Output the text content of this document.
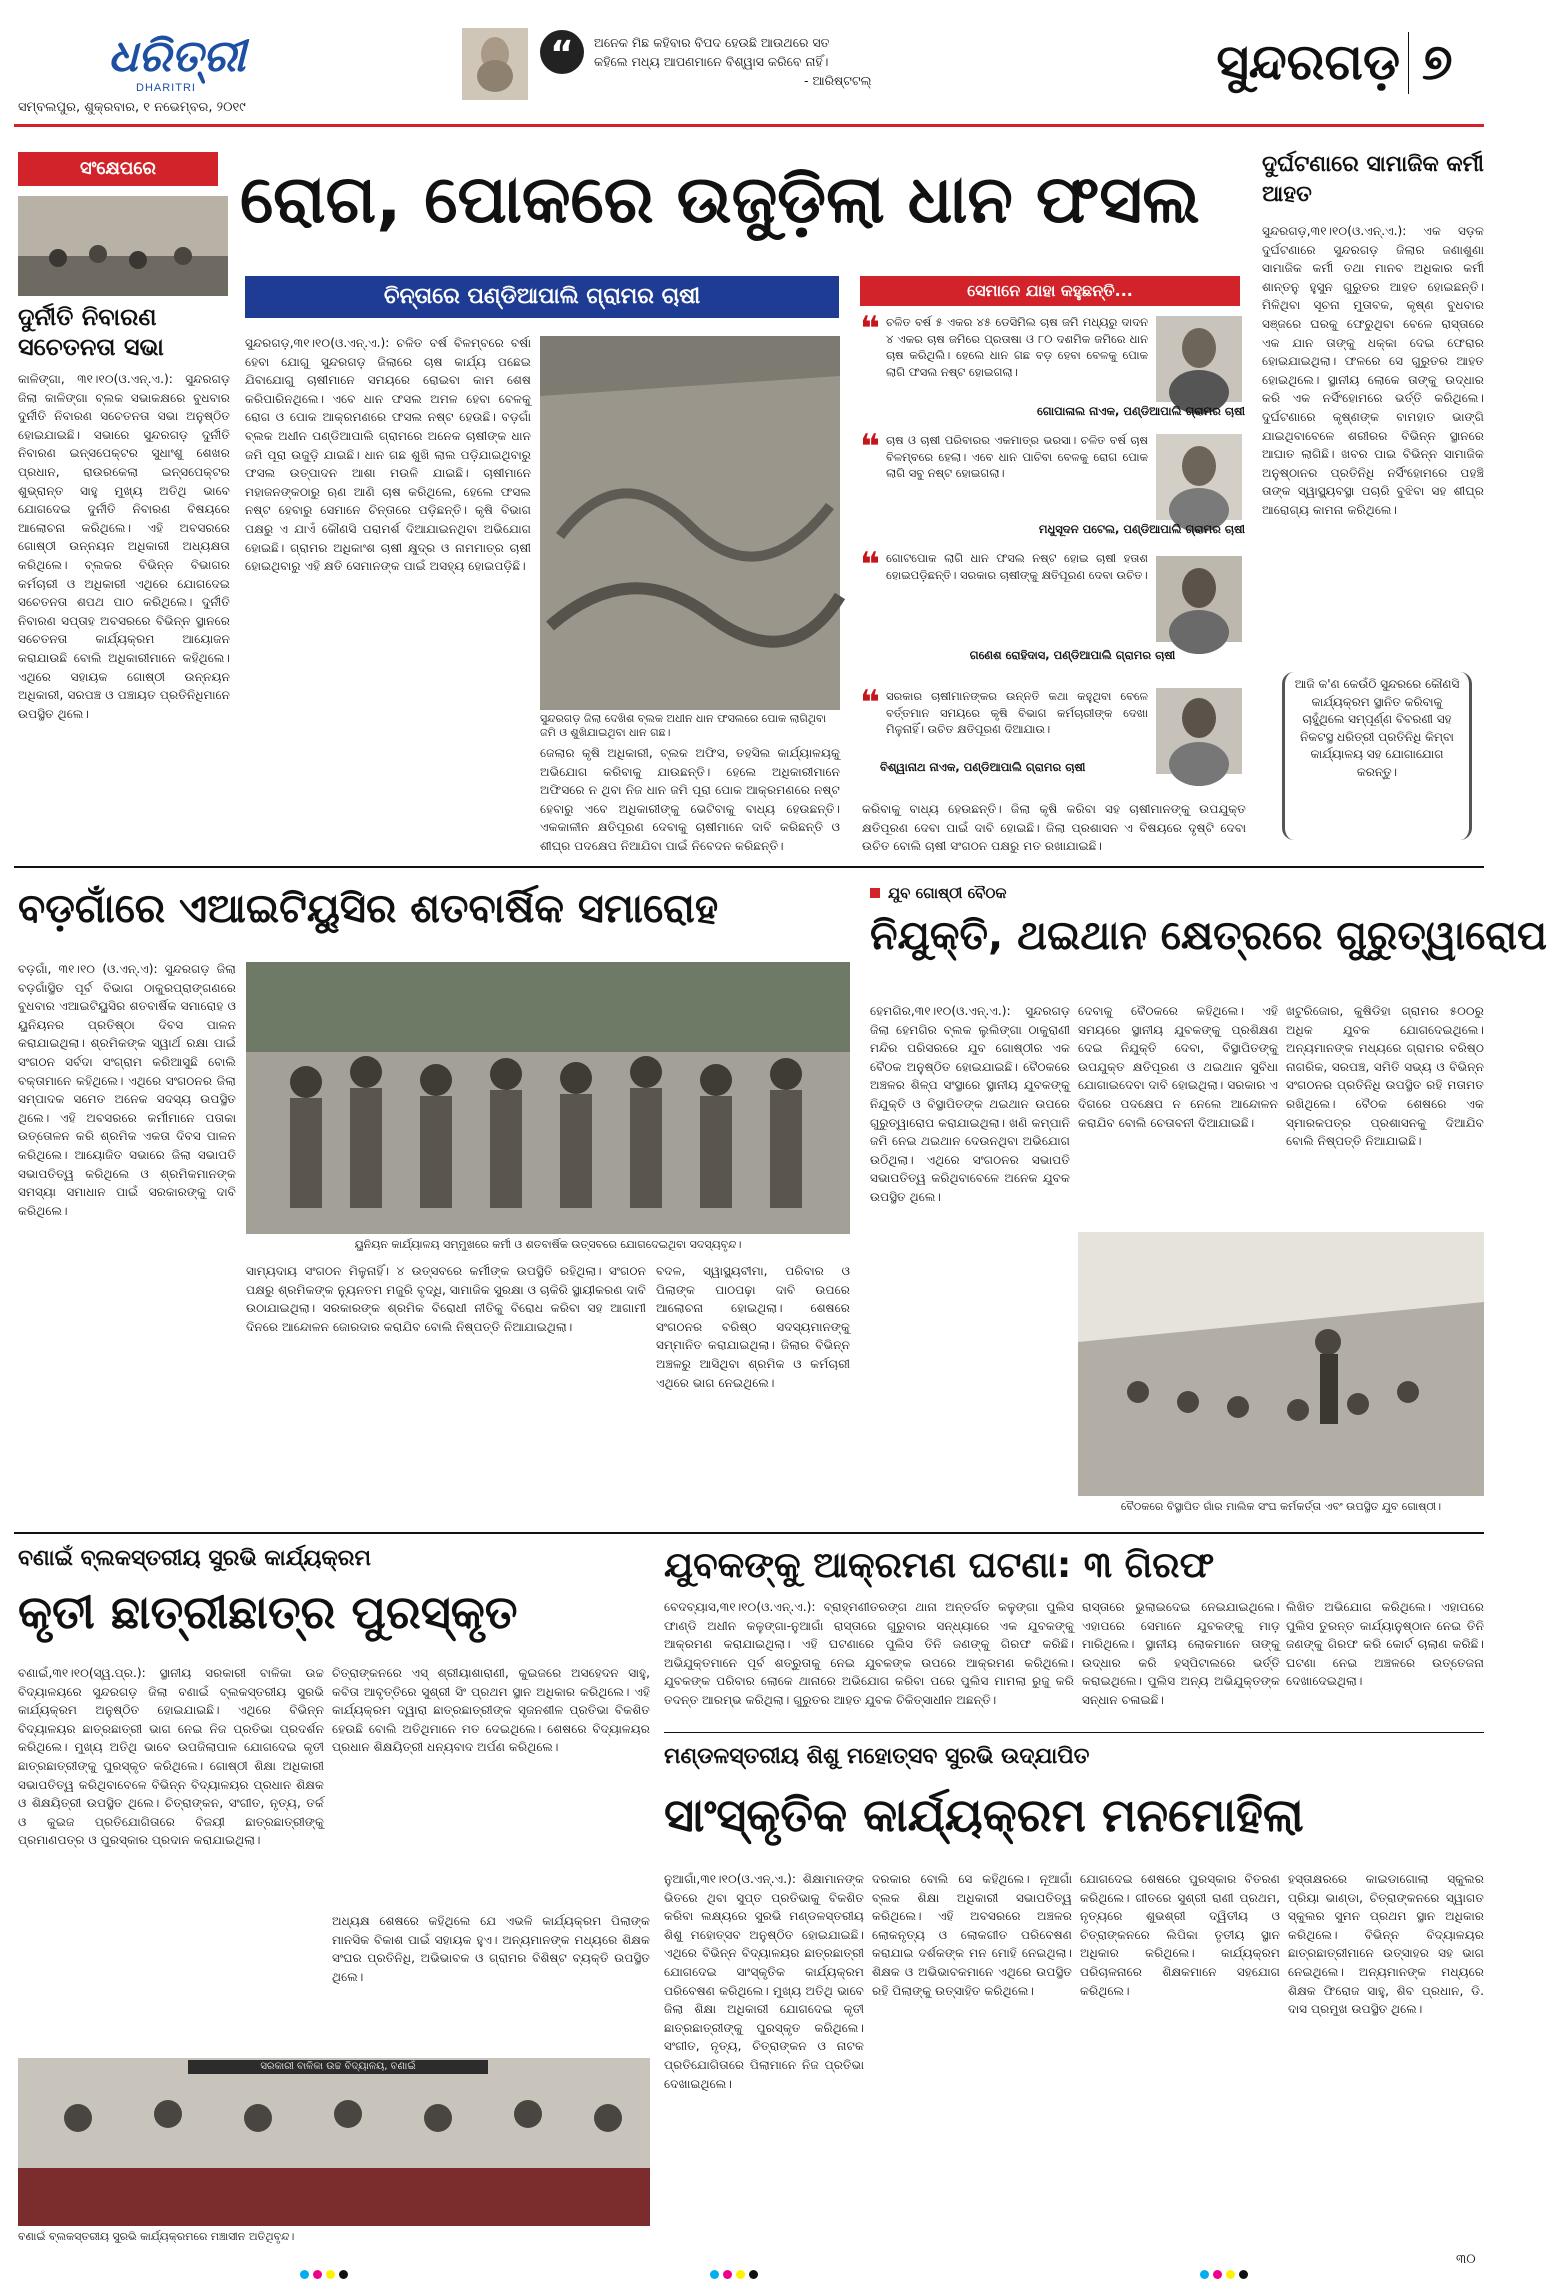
ଧରିତ୍ରୀ
DHARITRI
ସମ୍ବଲପୁର, ଶୁକ୍ରବାର, ୧ ନଭେମ୍ବର, ୨୦୧୯
“	ଅନେକ ମିଛ କହିବାର ବିପଦ ହେଉଛି ଆଉଥରେ ସତ
କହିଲେ ମଧ୍ୟ ଆପଣମାନେ ବିଶ୍ୱାସ କରିବେ ନାହିଁ।
- ଆରିଷ୍ଟଟଲ୍	ସୁନ୍ଦରଗଡ଼ ୭
ସଂକ୍ଷେପରେ
ଦୁର୍ନୀତି ନିବାରଣ ସଚେତନତା ସଭା
କାଳିଙ୍ଗା, ୩୧।୧୦(ଓ.ଏନ୍.ଏ.): ସୁନ୍ଦରଗଡ଼ ଜିଲା କାଳିଙ୍ଗା ବ୍ଲକ ସଭାକକ୍ଷରେ ବୁଧବାର ଦୁର୍ନୀତି ନିବାରଣ ସଚେତନତା ସଭା ଅନୁଷ୍ଠିତ ହୋଇଯାଇଛି। ସଭାରେ ସୁନ୍ଦରଗଡ଼ ଦୁର୍ନୀତି ନିବାରଣ ଇନ୍ସପେକ୍ଟର ସୁଧାଂଶୁ ଶେଖର ପ୍ରଧାନ, ରାଉରକେଲା ଇନ୍ସପେକ୍ଟର ଶୁଭ୍ରାନ୍ତ ସାହୁ ମୁଖ୍ୟ ଅତିଥି ଭାବେ ଯୋଗଦେଇ ଦୁର୍ନୀତି ନିବାରଣ ବିଷୟରେ ଆଲୋଚନା କରିଥିଲେ। ଏହି ଅବସରରେ ଗୋଷ୍ଠୀ ଉନ୍ନୟନ ଅଧିକାରୀ ଅଧ୍ୟକ୍ଷତା କରିଥିଲେ। ବ୍ଲକର ବିଭିନ୍ନ ବିଭାଗର କର୍ମଚାରୀ ଓ ଅଧିକାରୀ ଏଥିରେ ଯୋଗଦେଇ ସଚେତନତା ଶପଥ ପାଠ କରିଥିଲେ। ଦୁର୍ନୀତି ନିବାରଣ ସପ୍ତାହ ଅବସରରେ ବିଭିନ୍ନ ସ୍ଥାନରେ ସଚେତନତା କାର୍ଯ୍ୟକ୍ରମ ଆୟୋଜନ କରାଯାଉଛି ବୋଲି ଅଧିକାରୀମାନେ କହିଥିଲେ। ଏଥିରେ ସହାୟକ ଗୋଷ୍ଠୀ ଉନ୍ନୟନ ଅଧିକାରୀ, ସରପଞ୍ଚ ଓ ପଞ୍ଚାୟତ ପ୍ରତିନିଧିମାନେ ଉପସ୍ଥିତ ଥିଲେ।
ରୋଗ, ପୋକରେ ଉଜୁଡ଼ିଲା ଧାନ ଫସଲ
ଚିନ୍ତାରେ ପଣ୍ଡିଆପାଲି ଗ୍ରାମର ଚାଷୀ
ସୁନ୍ଦରଗଡ଼,୩୧।୧୦(ଓ.ଏନ୍.ଏ.): ଚଳିତ ବର୍ଷ ବିଳମ୍ବରେ ବର୍ଷା ହେବା ଯୋଗୁ ସୁନ୍ଦରଗଡ଼ ଜିଲାରେ ଚାଷ କାର୍ଯ୍ୟ ପଛେଇ ଯିବାଯୋଗୁ ଚାଷୀମାନେ ସମୟରେ ରୋଇବା କାମ ଶେଷ କରିପାରିନଥିଲେ। ଏବେ ଧାନ ଫସଲ ଅମଳ ହେବା ବେଳକୁ ରୋଗ ଓ ପୋକ ଆକ୍ରମଣରେ ଫସଲ ନଷ୍ଟ ହେଉଛି। ବଡ଼ଗାଁ ବ୍ଲକ ଅଧୀନ ପଣ୍ଡିଆପାଲି ଗ୍ରାମରେ ଅନେକ ଚାଷୀଙ୍କ ଧାନ ଜମି ପୂରା ଉଜୁଡ଼ି ଯାଇଛି। ଧାନ ଗଛ ଶୁଖି ଲାଲ ପଡ଼ିଯାଇଥିବାରୁ ଫସଲ ଉତ୍ପାଦନ ଆଶା ମଉଳି ଯାଇଛି। ଚାଷୀମାନେ ମହାଜନଙ୍କଠାରୁ ଋଣ ଆଣି ଚାଷ କରିଥିଲେ, ହେଲେ ଫସଲ ନଷ୍ଟ ହେବାରୁ ସେମାନେ ଚିନ୍ତାରେ ପଡ଼ିଛନ୍ତି। କୃଷି ବିଭାଗ ପକ୍ଷରୁ ଏ ଯାଏଁ କୌଣସି ପରାମର୍ଶ ଦିଆଯାଇନଥିବା ଅଭିଯୋଗ ହୋଇଛି। ଗ୍ରାମର ଅଧିକାଂଶ ଚାଷୀ କ୍ଷୁଦ୍ର ଓ ନାମମାତ୍ର ଚାଷୀ ହୋଇଥିବାରୁ ଏହି କ୍ଷତି ସେମାନଙ୍କ ପାଇଁ ଅସହ୍ୟ ହୋଇପଡ଼ିଛି।
ସୁନ୍ଦରଗଡ଼ ଜିଲା ଦେଖିଶ ବ୍ଲକ ଅଧୀନ ଧାନ ଫସଲରେ ପୋକ ଲାଗିଥିବା ଜମି ଓ ଶୁଖିଯାଇଥିବା ଧାନ ଗଛ।
ଜେଲାର କୃଷି ଅଧିକାରୀ, ବ୍ଲକ ଅଫିସ, ତହସିଲ କାର୍ଯ୍ୟାଳୟକୁ ଅଭିଯୋଗ କରିବାକୁ ଯାଉଛନ୍ତି। ହେଲେ ଅଧିକାରୀମାନେ ଅଫିସରେ ନ ଥିବା ନିଜ ଧାନ ଜମି ପୂରା ପୋକ ଆକ୍ରମଣରେ ନଷ୍ଟ ହେବାରୁ ଏବେ ଅଧିକାରୀଙ୍କୁ ଭେଟିବାକୁ ବାଧ୍ୟ ହେଉଛନ୍ତି। ଏକକାଳୀନ କ୍ଷତିପୂରଣ ଦେବାକୁ ଚାଷୀମାନେ ଦାବି କରିଛନ୍ତି ଓ ଶୀଘ୍ର ପଦକ୍ଷେପ ନିଆଯିବା ପାଇଁ ନିବେଦନ କରିଛନ୍ତି।
ସେମାନେ ଯାହା କହୁଛନ୍ତି...
❝ ଚଳିତ ବର୍ଷ ୫ ଏକର ୪୫ ଡେସିମିଲ ଚାଷ ଜମି ମଧ୍ୟରୁ ଦାଦନ ୪ ଏକର ଚାଷ ଜମିରେ ପ୍ରତାଷା ଓ ୮୦ ଦଶମିକ ଜମିରେ ଧାନ ଚାଷ କରିଥିଲି। ହେଲେ ଧାନ ଗଛ ବଡ଼ ହେବା ବେଳକୁ ପୋକ ଲାଗି ଫସଲ ନଷ୍ଟ ହୋଇଗଲା।
ଗୋପାଳାଲ ନାଏକ, ପଣ୍ଡିଆପାଲି ଗ୍ରାମର ଚାଷୀ
❝ ଚାଷ ଓ ଚାଷୀ ପରିବାରର ଏକମାତ୍ର ଭରସା। ଚଳିତ ବର୍ଷ ଚାଷ ବିଳମ୍ବରେ ହେଲା। ଏବେ ଧାନ ପାଚିବା ବେଳକୁ ରୋଗ ପୋକ ଲାଗି ସବୁ ନଷ୍ଟ ହୋଇଗଲା।
ମଧୁସୂଦନ ପଟେଲ, ପଣ୍ଡିଆପାଲି ଗ୍ରାମର ଚାଷୀ
❝ ଗୋଟପୋକ ଲାଗି ଧାନ ଫସଲ ନଷ୍ଟ ହୋଇ ଚାଷୀ ହତାଶ ହୋଇପଡ଼ିଛନ୍ତି। ସରକାର ଚାଷୀଙ୍କୁ କ୍ଷତିପୂରଣ ଦେବା ଉଚିତ।
ଗଣେଶ ରୋହିଦାସ, ପଣ୍ଡିଆପାଲି ଗ୍ରାମର ଚାଷୀ
❝ ସରକାର ଚାଷୀମାନଙ୍କର ଉନ୍ନତି କଥା କହୁଥିବା ବେଳେ ବର୍ତ୍ତମାନ ସମୟରେ କୃଷି ବିଭାଗ କର୍ମଚାରୀଙ୍କ ଦେଖା ମିଳୁନାହିଁ। ଉଚିତ କ୍ଷତିପୂରଣ ଦିଆଯାଉ।
ବିଶ୍ୱାନାଥ ନାଏକ, ପଣ୍ଡିଆପାଲି ଗ୍ରାମର ଚାଷୀ
କରିବାକୁ ବାଧ୍ୟ ହେଉଛନ୍ତି। ଜିଲା କୃଷି କରିବା ସହ ଚାଷୀମାନଙ୍କୁ ଉପଯୁକ୍ତ କ୍ଷତିପୂରଣ ଦେବା ପାଇଁ ଦାବି ହୋଇଛି। ଜିଲା ପ୍ରଶାସନ ଏ ବିଷୟରେ ଦୃଷ୍ଟି ଦେବା ଉଚିତ ବୋଲି ଚାଷୀ ସଂଗଠନ ପକ୍ଷରୁ ମତ ରଖାଯାଇଛି।
ଦୁର୍ଘଟଣାରେ ସାମାଜିକ କର୍ମୀ ଆହତ
ସୁନ୍ଦରଗଡ଼,୩୧।୧୦(ଓ.ଏନ୍.ଏ.): ଏକ ସଡ଼କ ଦୁର୍ଘଟଣାରେ ସୁନ୍ଦରଗଡ଼ ଜିଲାର ଜଣାଶୁଣା ସାମାଜିକ କର୍ମୀ ତଥା ମାନବ ଅଧିକାର କର୍ମୀ ଶାନ୍ତନୁ ହୁସୁନ ଗୁରୁତର ଆହତ ହୋଇଛନ୍ତି। ମିଳିଥିବା ସୂଚନା ମୁତାବକ, କୃଷ୍ଣ ବୁଧବାର ସଞ୍ଜରେ ଘରକୁ ଫେରୁଥିବା ବେଳେ ରାସ୍ତାରେ ଏକ ଯାନ ତାଙ୍କୁ ଧକ୍କା ଦେଇ ଫେରାର ହୋଇଯାଇଥିଲା। ଫଳରେ ସେ ଗୁରୁତର ଆହତ ହୋଇଥିଲେ। ସ୍ଥାନୀୟ ଲୋକେ ତାଙ୍କୁ ଉଦ୍ଧାର କରି ଏକ ନର୍ସିଂହୋମରେ ଭର୍ତ୍ତି କରିଥିଲେ। ଦୁର୍ଘଟଣାରେ କୃଷ୍ଣଙ୍କ ବାମହାତ ଭାଙ୍ଗି ଯାଇଥିବାବେଳେ ଶରୀରର ବିଭିନ୍ନ ସ୍ଥାନରେ ଆଘାତ ଲାଗିଛି। ଖବର ପାଇ ବିଭିନ୍ନ ସାମାଜିକ ଅନୁଷ୍ଠାନର ପ୍ରତିନିଧି ନର୍ସିଂହୋମରେ ପହଞ୍ଚି ତାଙ୍କ ସ୍ୱାସ୍ଥ୍ୟବସ୍ଥା ପଚାରି ବୁଝିବା ସହ ଶୀଘ୍ର ଆରୋଗ୍ୟ କାମନା କରିଥିଲେ।
ଆଜି କ'ଣ କେଉଁଠି ସୁନ୍ଦରରେ କୌଣସି କାର୍ଯ୍ୟକ୍ରମ ସ୍ଥାନିତ କରିବାକୁ ଚାହୁଁଥିଲେ ସମ୍ପୂର୍ଣ୍ଣ ବିବରଣୀ ସହ ନିକଟସ୍ଥ ଧରିତ୍ରୀ ପ୍ରତିନିଧି କିମ୍ବା କାର୍ଯ୍ୟାଳୟ ସହ ଯୋଗାଯୋଗ କରନ୍ତୁ।
ବଡ଼ଗାଁରେ ଏଆଇଟିୟୁସିର ଶତବାର୍ଷିକ ସମାରୋହ
ବଡ଼ଗାଁ, ୩୧।୧୦ (ଓ.ଏନ୍.ଏ): ସୁନ୍ଦରଗଡ଼ ଜିଲା ବଡ଼ଗାଁସ୍ଥିତ ପୂର୍ବ ବିଭାଗ ଠାକୁରପ୍ରାଙ୍ଗଣରେ ବୁଧବାର ଏଆଇଟିୟୁସିର ଶତବାର୍ଷିକ ସମାରୋହ ଓ ୟୁନିୟନର ପ୍ରତିଷ୍ଠା ଦିବସ ପାଳନ କରାଯାଇଥିଲା। ଶ୍ରମିକଙ୍କ ସ୍ୱାର୍ଥ ରକ୍ଷା ପାଇଁ ସଂଗଠନ ସର୍ବଦା ସଂଗ୍ରାମ କରିଆସୁଛି ବୋଲି ବକ୍ତାମାନେ କହିଥିଲେ। ଏଥିରେ ସଂଗଠନର ଜିଲା ସମ୍ପାଦକ ସମେତ ଅନେକ ସଦସ୍ୟ ଉପସ୍ଥିତ ଥିଲେ। ଏହି ଅବସରରେ କର୍ମୀମାନେ ପତାକା ଉତ୍ତୋଳନ କରି ଶ୍ରମିକ ଏକତା ଦିବସ ପାଳନ କରିଥିଲେ। ଆୟୋଜିତ ସଭାରେ ଜିଲା ସଭାପତି ସଭାପତିତ୍ୱ କରିଥିଲେ ଓ ଶ୍ରମିକମାନଙ୍କ ସମସ୍ୟା ସମାଧାନ ପାଇଁ ସରକାରଙ୍କୁ ଦାବି କରିଥିଲେ।
ୟୁନିୟନ କାର୍ଯ୍ୟାଳୟ ସମ୍ମୁଖରେ କର୍ମୀ ଓ ଶତବାର୍ଷିକ ଉତ୍ସବରେ ଯୋଗଦେଇଥିବା ସଦସ୍ୟବୃନ୍ଦ।
ସାମ୍ୟଦାୟ ସଂଗଠନ ମିଳୁନାହିଁ। ୪ ଉତ୍ସବରେ କର୍ମୀଙ୍କ ଉପସ୍ଥିତି ରହିଥିଲା। ସଂଗଠନ ପକ୍ଷରୁ ଶ୍ରମିକଙ୍କ ନ୍ୟୁନତମ ମଜୁରି ବୃଦ୍ଧି, ସାମାଜିକ ସୁରକ୍ଷା ଓ ଚାକିରି ସ୍ଥାୟୀକରଣ ଦାବି ଉଠାଯାଇଥିଲା। ସରକାରଙ୍କ ଶ୍ରମିକ ବିରୋଧୀ ନୀତିକୁ ବିରୋଧ କରିବା ସହ ଆଗାମୀ ଦିନରେ ଆନ୍ଦୋଳନ ଜୋରଦାର କରାଯିବ ବୋଲି ନିଷ୍ପତ୍ତି ନିଆଯାଇଥିଲା।
ବଦଳ, ସ୍ୱାସ୍ଥ୍ୟବୀମା, ପରିବାର ଓ ପିଲାଙ୍କ ପାଠପଢ଼ା ଦାବି ଉପରେ ଆଲୋଚନା ହୋଇଥିଲା। ଶେଷରେ ସଂଗଠନର ବରିଷ୍ଠ ସଦସ୍ୟମାନଙ୍କୁ ସମ୍ମାନିତ କରାଯାଇଥିଲା। ଜିଲାର ବିଭିନ୍ନ ଅଞ୍ଚଳରୁ ଆସିଥିବା ଶ୍ରମିକ ଓ କର୍ମଚାରୀ ଏଥିରେ ଭାଗ ନେଇଥିଲେ।
ଯୁବ ଗୋଷ୍ଠୀ ବୈଠକ
ନିଯୁକ୍ତି, ଥଇଥାନ କ୍ଷେତ୍ରରେ ଗୁରୁତ୍ୱାରୋପ
ହେମଗିର,୩୧।୧୦(ଓ.ଏନ୍.ଏ.): ସୁନ୍ଦରଗଡ଼ ଜିଲା ହେମଗିର ବ୍ଲକ ଲୁଲିଙ୍ଗା ଠାକୁରାଣୀ ମନ୍ଦିର ପରିସରରେ ଯୁବ ଗୋଷ୍ଠୀର ଏକ ବୈଠକ ଅନୁଷ୍ଠିତ ହୋଇଯାଇଛି। ବୈଠକରେ ଅଞ୍ଚଳର ଶିଳ୍ପ ସଂସ୍ଥାରେ ସ୍ଥାନୀୟ ଯୁବକଙ୍କୁ ନିଯୁକ୍ତି ଓ ବିସ୍ଥାପିତଙ୍କ ଥଇଥାନ ଉପରେ ଗୁରୁତ୍ୱାରୋପ କରାଯାଇଥିଲା। ଖଣି କମ୍ପାନି ଜମି ନେଇ ଥଇଥାନ ଦେଉନଥିବା ଅଭିଯୋଗ ଉଠିଥିଲା। ଏଥିରେ ସଂଗଠନର ସଭାପତି ସଭାପତିତ୍ୱ କରିଥିବାବେଳେ ଅନେକ ଯୁବକ ଉପସ୍ଥିତ ଥିଲେ।
ଦେବାକୁ ବୈଠକରେ କହିଥିଲେ। ଏହି ସମୟରେ ସ୍ଥାନୀୟ ଯୁବକଙ୍କୁ ପ୍ରଶିକ୍ଷଣ ଦେଇ ନିଯୁକ୍ତି ଦେବା, ବିସ୍ଥାପିତଙ୍କୁ ଉପଯୁକ୍ତ କ୍ଷତିପୂରଣ ଓ ଥଇଥାନ ସୁବିଧା ଯୋଗାଇଦେବା ଦାବି ହୋଇଥିଲା। ସରକାର ଏ ଦିଗରେ ପଦକ୍ଷେପ ନ ନେଲେ ଆନ୍ଦୋଳନ କରାଯିବ ବୋଲି ଚେତାବନୀ ଦିଆଯାଇଛି।
ଖଟୁରିଜୋର, କୁଷିଡିହା ଗ୍ରାମର ୫୦୦ରୁ ଅଧିକ ଯୁବକ ଯୋଗଦେଇଥିଲେ। ଅନ୍ୟମାନଙ୍କ ମଧ୍ୟରେ ଗ୍ରାମର ବରିଷ୍ଠ ନାଗରିକ, ସରପଞ୍ଚ, ସମିତି ସଭ୍ୟ ଓ ବିଭିନ୍ନ ସଂଗଠନର ପ୍ରତିନିଧି ଉପସ୍ଥିତ ରହି ମତାମତ ରଖିଥିଲେ। ବୈଠକ ଶେଷରେ ଏକ ସ୍ମାରକପତ୍ର ପ୍ରଶାସନକୁ ଦିଆଯିବ ବୋଲି ନିଷ୍ପତ୍ତି ନିଆଯାଇଛି।
ବୈଠକରେ ବିସ୍ଥାପିତ ଗାଁର ମାଲିକ ସଂଘ କର୍ମକର୍ତ୍ତା ଏବଂ ଉପସ୍ଥିତ ଯୁବ ଗୋଷ୍ଠୀ।
ବଣାଇଁ ବ୍ଲକସ୍ତରୀୟ ସୁରଭି କାର୍ଯ୍ୟକ୍ରମ
କୃତୀ ଛାତ୍ରୀଛାତ୍ର ପୁରସ୍କୃତ
ବଣାଇଁ,୩୧।୧୦(ସ୍ୱ.ପ୍ର.): ସ୍ଥାନୀୟ ସରକାରୀ ବାଳିକା ଉଚ୍ଚ ବିଦ୍ୟାଳୟରେ ସୁନ୍ଦରଗଡ଼ ଜିଲା ବଣାଇଁ ବ୍ଲକସ୍ତରୀୟ ସୁରଭି କାର୍ଯ୍ୟକ୍ରମ ଅନୁଷ୍ଠିତ ହୋଇଯାଇଛି। ଏଥିରେ ବିଭିନ୍ନ ବିଦ୍ୟାଳୟର ଛାତ୍ରଛାତ୍ରୀ ଭାଗ ନେଇ ନିଜ ପ୍ରତିଭା ପ୍ରଦର୍ଶନ କରିଥିଲେ। ମୁଖ୍ୟ ଅତିଥି ଭାବେ ଉପଜିଲାପାଳ ଯୋଗଦେଇ କୃତୀ ଛାତ୍ରଛାତ୍ରୀଙ୍କୁ ପୁରସ୍କୃତ କରିଥିଲେ। ଗୋଷ୍ଠୀ ଶିକ୍ଷା ଅଧିକାରୀ ସଭାପତିତ୍ୱ କରିଥିବାବେଳେ ବିଭିନ୍ନ ବିଦ୍ୟାଳୟର ପ୍ରଧାନ ଶିକ୍ଷକ ଓ ଶିକ୍ଷୟିତ୍ରୀ ଉପସ୍ଥିତ ଥିଲେ। ଚିତ୍ରାଙ୍କନ, ସଂଗୀତ, ନୃତ୍ୟ, ତର୍କ ଓ କୁଇଜ ପ୍ରତିଯୋଗିତାରେ ବିଜୟୀ ଛାତ୍ରଛାତ୍ରୀଙ୍କୁ ପ୍ରମାଣପତ୍ର ଓ ପୁରସ୍କାର ପ୍ରଦାନ କରାଯାଇଥିଲା।
ଚିତ୍ରାଙ୍କନରେ ଏସ୍ ଶ୍ରୀୟାଶାରାଣୀ, କୁଇଜରେ ଅସହେଦନ ସାହୁ, କବିତା ଆବୃତ୍ତିରେ ସୁଶ୍ରୀ ସିଂ ପ୍ରଥମ ସ୍ଥାନ ଅଧିକାର କରିଥିଲେ। ଏହି କାର୍ଯ୍ୟକ୍ରମ ଦ୍ୱାରା ଛାତ୍ରଛାତ୍ରୀଙ୍କ ସୃଜନଶୀଳ ପ୍ରତିଭା ବିକଶିତ ହେଉଛି ବୋଲି ଅତିଥିମାନେ ମତ ଦେଇଥିଲେ। ଶେଷରେ ବିଦ୍ୟାଳୟର ପ୍ରଧାନ ଶିକ୍ଷୟିତ୍ରୀ ଧନ୍ୟବାଦ ଅର୍ପଣ କରିଥିଲେ।
ଅଧ୍ୟକ୍ଷ ଶେଷରେ କହିଥିଲେ ଯେ ଏଭଳି କାର୍ଯ୍ୟକ୍ରମ ପିଲାଙ୍କ ମାନସିକ ବିକାଶ ପାଇଁ ସହାୟକ ହୁଏ। ଅନ୍ୟମାନଙ୍କ ମଧ୍ୟରେ ଶିକ୍ଷକ ସଂଘର ପ୍ରତିନିଧି, ଅଭିଭାବକ ଓ ଗ୍ରାମର ବିଶିଷ୍ଟ ବ୍ୟକ୍ତି ଉପସ୍ଥିତ ଥିଲେ।
ସରକାରୀ ବାଳିକା ଉଚ୍ଚ ବିଦ୍ୟାଳୟ, ବଣାଇଁ
ବଣାଇଁ ବ୍ଲକସ୍ତରୀୟ ସୁରଭି କାର୍ଯ୍ୟକ୍ରମରେ ମଞ୍ଚାସୀନ ଅତିଥିବୃନ୍ଦ।
ଯୁବକଙ୍କୁ ଆକ୍ରମଣ ଘଟଣା: ୩ ଗିରଫ
ବେଦବ୍ୟାସ,୩୧।୧୦(ଓ.ଏନ୍.ଏ.): ବ୍ରାହ୍ମଣୀତରଙ୍ଗ ଥାନା ଅନ୍ତର୍ଗତ କଳୁଙ୍ଗା ପୁଲିସ ଫାଣ୍ଡି ଅଧୀନ କଳୁଙ୍ଗା-ନୁଆଗାଁ ରାସ୍ତାରେ ଗୁରୁବାର ସନ୍ଧ୍ୟାରେ ଏକ ଯୁବକଙ୍କୁ ଆକ୍ରମଣ କରାଯାଇଥିଲା। ଏହି ଘଟଣାରେ ପୁଲିସ ତିନି ଜଣଙ୍କୁ ଗିରଫ କରିଛି। ଅଭିଯୁକ୍ତମାନେ ପୂର୍ବ ଶତ୍ରୁତାକୁ ନେଇ ଯୁବକଙ୍କ ଉପରେ ଆକ୍ରମଣ କରିଥିଲେ। ଯୁବକଙ୍କ ପରିବାର ଲୋକେ ଥାନାରେ ଅଭିଯୋଗ କରିବା ପରେ ପୁଲିସ ମାମଲା ରୁଜୁ କରି ତଦନ୍ତ ଆରମ୍ଭ କରିଥିଲା। ଗୁରୁତର ଆହତ ଯୁବକ ଚିକିତ୍ସାଧୀନ ଅଛନ୍ତି।
ରାସ୍ତାରେ ଭୁଲାଇଦେଇ ନେଇଯାଇଥିଲେ। ଏହାପରେ ସେମାନେ ଯୁବକଙ୍କୁ ମାଡ଼ ମାରିଥିଲେ। ସ୍ଥାନୀୟ ଲୋକମାନେ ତାଙ୍କୁ ଉଦ୍ଧାର କରି ହସ୍ପିଟାଲରେ ଭର୍ତ୍ତି କରାଇଥିଲେ। ପୁଲିସ ଅନ୍ୟ ଅଭିଯୁକ୍ତଙ୍କ ସନ୍ଧାନ ଚଳାଇଛି।
ଲିଖିତ ଅଭିଯୋଗ କରିଥିଲେ। ଏହାପରେ ପୁଲିସ ତୁରନ୍ତ କାର୍ଯ୍ୟାନୁଷ୍ଠାନ ନେଇ ତିନି ଜଣଙ୍କୁ ଗିରଫ କରି କୋର୍ଟ ଚାଲାଣ କରିଛି। ଘଟଣା ନେଇ ଅଞ୍ଚଳରେ ଉତ୍ତେଜନା ଦେଖାଦେଇଥିଲା।
ମଣ୍ଡଳସ୍ତରୀୟ ଶିଶୁ ମହୋତ୍ସବ ସୁରଭି ଉଦ୍‌ଯାପିତ
ସାଂସ୍କୃତିକ କାର୍ଯ୍ୟକ୍ରମ ମନମୋହିଲା
ନୁଆଗାଁ,୩୧।୧୦(ଓ.ଏନ୍.ଏ.): ଶିକ୍ଷାମାନଙ୍କ ଭିତରେ ଥିବା ସୁପ୍ତ ପ୍ରତିଭାକୁ ବିକଶିତ କରିବା ଲକ୍ଷ୍ୟରେ ସୁରଭି ମଣ୍ଡଳସ୍ତରୀୟ ଶିଶୁ ମହୋତ୍ସବ ଅନୁଷ୍ଠିତ ହୋଇଯାଇଛି। ଏଥିରେ ବିଭିନ୍ନ ବିଦ୍ୟାଳୟର ଛାତ୍ରଛାତ୍ରୀ ଯୋଗଦେଇ ସାଂସ୍କୃତିକ କାର୍ଯ୍ୟକ୍ରମ ପରିବେଷଣ କରିଥିଲେ। ମୁଖ୍ୟ ଅତିଥି ଭାବେ ଜିଲା ଶିକ୍ଷା ଅଧିକାରୀ ଯୋଗଦେଇ କୃତୀ ଛାତ୍ରଛାତ୍ରୀଙ୍କୁ ପୁରସ୍କୃତ କରିଥିଲେ। ସଂଗୀତ, ନୃତ୍ୟ, ଚିତ୍ରାଙ୍କନ ଓ ନାଟକ ପ୍ରତିଯୋଗିତାରେ ପିଲାମାନେ ନିଜ ପ୍ରତିଭା ଦେଖାଇଥିଲେ।
ଦରକାର ବୋଲି ସେ କହିଥିଲେ। ନୂଆଗାଁ ବ୍ଲକ ଶିକ୍ଷା ଅଧିକାରୀ ସଭାପତିତ୍ୱ କରିଥିଲେ। ଏହି ଅବସରରେ ଅଞ୍ଚଳର ଲୋକନୃତ୍ୟ ଓ ଲୋକଗୀତ ପରିବେଷଣ କରାଯାଇ ଦର୍ଶକଙ୍କ ମନ ମୋହି ନେଇଥିଲା। ଶିକ୍ଷକ ଓ ଅଭିଭାବକମାନେ ଏଥିରେ ଉପସ୍ଥିତ ରହି ପିଲାଙ୍କୁ ଉତ୍ସାହିତ କରିଥିଲେ।
ଯୋଗଦେଇ ଶେଷରେ ପୁରସ୍କାର ବିତରଣ କରିଥିଲେ। ଗୀତରେ ସୁଶ୍ରୀ ରାଣୀ ପ୍ରଥମ, ନୃତ୍ୟରେ ଶୁଭଶ୍ରୀ ଦ୍ୱିତୀୟ ଓ ଚିତ୍ରାଙ୍କନରେ ଲିପିକା ତୃତୀୟ ସ୍ଥାନ ଅଧିକାର କରିଥିଲେ। କାର୍ଯ୍ୟକ୍ରମ ପରିଚାଳନାରେ ଶିକ୍ଷକମାନେ ସହଯୋଗ କରିଥିଲେ।
ହସ୍ତାକ୍ଷରରେ କାଇଡାଗୋଲା ସ୍କୁଲର ପ୍ରିୟା ଭାଣ୍ଡା, ଚିତ୍ରାଙ୍କନରେ ସ୍ୱାଗତ ସ୍କୁଲର ସୁମନ ପ୍ରଥମ ସ୍ଥାନ ଅଧିକାର କରିଥିଲେ। ବିଭିନ୍ନ ବିଦ୍ୟାଳୟର ଛାତ୍ରଛାତ୍ରୀମାନେ ଉତ୍ସାହର ସହ ଭାଗ ନେଇଥିଲେ। ଅନ୍ୟମାନଙ୍କ ମଧ୍ୟରେ ଶିକ୍ଷକ ଫିରୋଜ ସାହୁ, ଶିବ ପ୍ରଧାନ, ଡି. ଦାସ ପ୍ରମୁଖ ଉପସ୍ଥିତ ଥିଲେ।
୩୦
